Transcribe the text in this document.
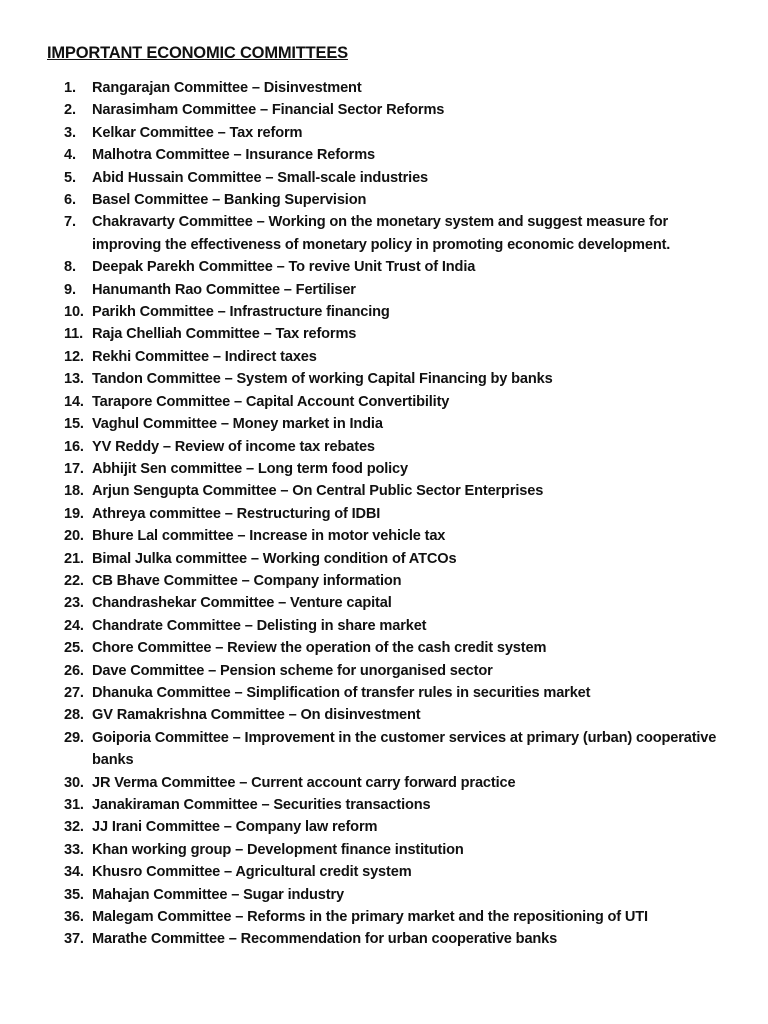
IMPORTANT ECONOMIC COMMITTEES
1.	Rangarajan Committee – Disinvestment
2.	Narasimham Committee – Financial Sector Reforms
3.	Kelkar Committee – Tax reform
4.	Malhotra Committee – Insurance Reforms
5.	Abid Hussain Committee – Small-scale industries
6.	Basel Committee – Banking Supervision
7.	Chakravarty Committee – Working on the monetary system and suggest measure for improving the effectiveness of monetary policy in promoting economic development.
8.	Deepak Parekh Committee – To revive Unit Trust of India
9.	Hanumanth Rao Committee – Fertiliser
10. Parikh Committee – Infrastructure financing
11. Raja Chelliah Committee – Tax reforms
12. Rekhi Committee – Indirect taxes
13. Tandon Committee – System of working Capital Financing by banks
14. Tarapore Committee – Capital Account Convertibility
15. Vaghul Committee – Money market in India
16. YV Reddy – Review of income tax rebates
17. Abhijit Sen committee – Long term food policy
18. Arjun Sengupta Committee – On Central Public Sector Enterprises
19. Athreya committee – Restructuring of IDBI
20. Bhure Lal committee – Increase in motor vehicle tax
21. Bimal Julka committee – Working condition of ATCOs
22. CB Bhave Committee – Company information
23. Chandrashekar Committee – Venture capital
24. Chandrate Committee – Delisting in share market
25. Chore Committee – Review the operation of the cash credit system
26. Dave Committee – Pension scheme for unorganised sector
27. Dhanuka Committee – Simplification of transfer rules in securities market
28. GV Ramakrishna Committee – On disinvestment
29. Goiporia Committee – Improvement in the customer services at primary (urban) cooperative banks
30. JR Verma Committee – Current account carry forward practice
31. Janakiraman Committee – Securities transactions
32. JJ Irani Committee – Company law reform
33. Khan working group – Development finance institution
34. Khusro Committee – Agricultural credit system
35. Mahajan Committee – Sugar industry
36. Malegam Committee – Reforms in the primary market and the repositioning of UTI
37. Marathe Committee – Recommendation for urban cooperative banks
